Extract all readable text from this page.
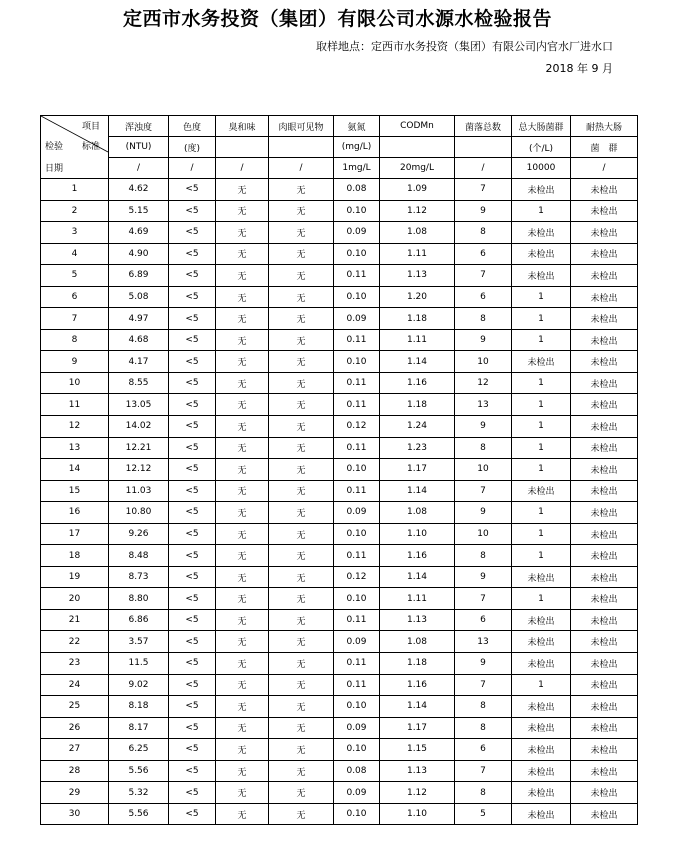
定西市水务投资（集团）有限公司水源水检验报告
取样地点：定西市水务投资（集团）有限公司内官水厂进水口
2018 年 9 月
项目
检验 标准
日期	浑浊度	色度	臭和味	肉眼可见物	氨氮	CODMn	菌落总数	总大肠菌群	耐热大肠
	(NTU)	(度)			(mg/L)			(个/L)	菌　群
	/	/	/	/	1mg/L	20mg/L	/	10000	/
1	4.62	<5	无	无	0.08	1.09	7	未检出	未检出
2	5.15	<5	无	无	0.10	1.12	9	1	未检出
3	4.69	<5	无	无	0.09	1.08	8	未检出	未检出
4	4.90	<5	无	无	0.10	1.11	6	未检出	未检出
5	6.89	<5	无	无	0.11	1.13	7	未检出	未检出
6	5.08	<5	无	无	0.10	1.20	6	1	未检出
7	4.97	<5	无	无	0.09	1.18	8	1	未检出
8	4.68	<5	无	无	0.11	1.11	9	1	未检出
9	4.17	<5	无	无	0.10	1.14	10	未检出	未检出
10	8.55	<5	无	无	0.11	1.16	12	1	未检出
11	13.05	<5	无	无	0.11	1.18	13	1	未检出
12	14.02	<5	无	无	0.12	1.24	9	1	未检出
13	12.21	<5	无	无	0.11	1.23	8	1	未检出
14	12.12	<5	无	无	0.10	1.17	10	1	未检出
15	11.03	<5	无	无	0.11	1.14	7	未检出	未检出
16	10.80	<5	无	无	0.09	1.08	9	1	未检出
17	9.26	<5	无	无	0.10	1.10	10	1	未检出
18	8.48	<5	无	无	0.11	1.16	8	1	未检出
19	8.73	<5	无	无	0.12	1.14	9	未检出	未检出
20	8.80	<5	无	无	0.10	1.11	7	1	未检出
21	6.86	<5	无	无	0.11	1.13	6	未检出	未检出
22	3.57	<5	无	无	0.09	1.08	13	未检出	未检出
23	11.5	<5	无	无	0.11	1.18	9	未检出	未检出
24	9.02	<5	无	无	0.11	1.16	7	1	未检出
25	8.18	<5	无	无	0.10	1.14	8	未检出	未检出
26	8.17	<5	无	无	0.09	1.17	8	未检出	未检出
27	6.25	<5	无	无	0.10	1.15	6	未检出	未检出
28	5.56	<5	无	无	0.08	1.13	7	未检出	未检出
29	5.32	<5	无	无	0.09	1.12	8	未检出	未检出
30	5.56	<5	无	无	0.10	1.10	5	未检出	未检出
